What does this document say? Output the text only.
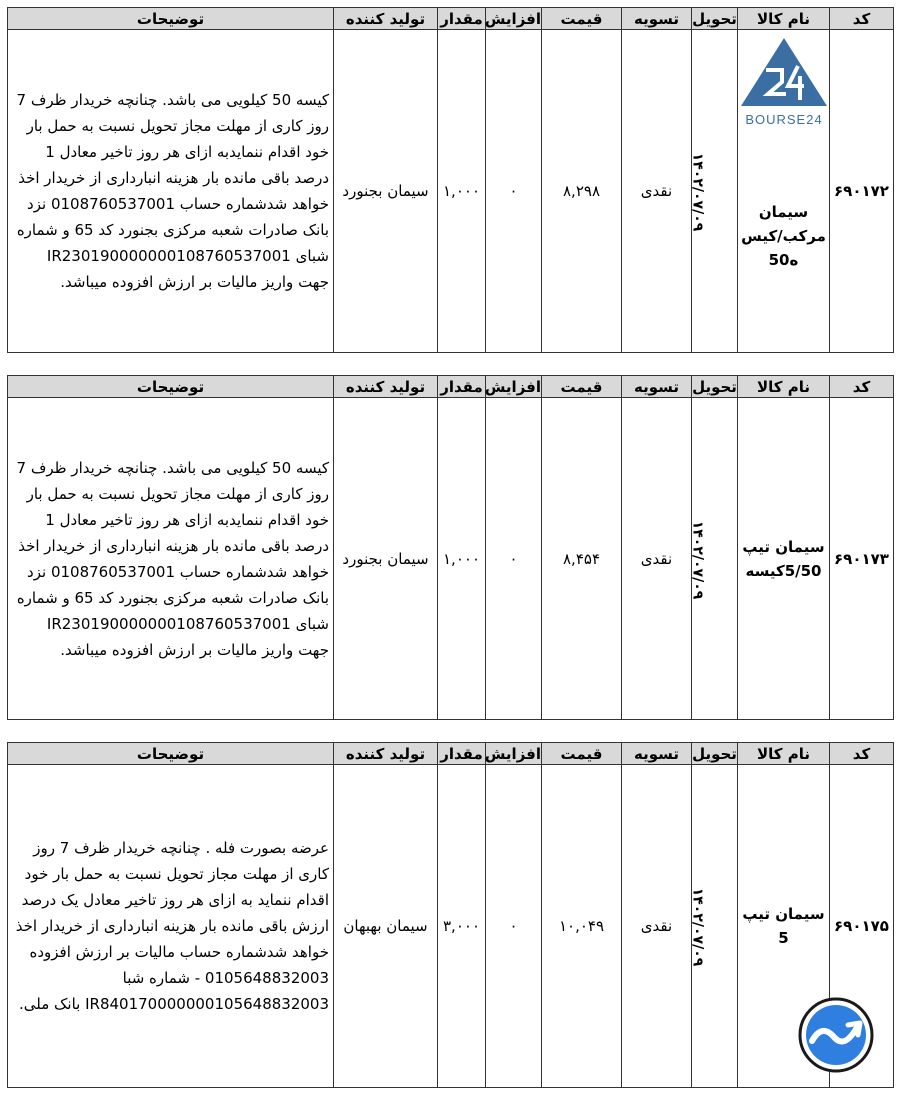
کد	نام کالا	تحویل	تسویه	قیمت	افزایش	مقدار	تولید کننده	توضیحات
۶۹۰۱۷۲	سیمان مرکب/کیس ه50	۱۴۰۲/۰۷/۰۹	نقدی	۸,۲۹۸	۰	۱,۰۰۰	سیمان بجنورد	کیسه 50 کیلویی می باشد. چنانچه خریدار ظرف 7 روز کاری از مهلت مجاز تحویل نسبت به حمل بار خود اقدام ننمایدبه ازای هر روز تاخیر معادل 1 درصد باقی مانده بار هزینه انبارداری از خریدار اخذ خواهد شدشماره حساب 0108760537001 نزد بانک صادرات شعبه مرکزی بجنورد کد 65 و شماره شبای IR230190000000108760537001 جهت واریز مالیات بر ارزش افزوده میباشد.
کد	نام کالا	تحویل	تسویه	قیمت	افزایش	مقدار	تولید کننده	توضیحات
۶۹۰۱۷۳	سیمان تیپ 5/50کیسه	۱۴۰۲/۰۷/۰۹	نقدی	۸,۴۵۴	۰	۱,۰۰۰	سیمان بجنورد	کیسه 50 کیلویی می باشد. چنانچه خریدار ظرف 7 روز کاری از مهلت مجاز تحویل نسبت به حمل بار خود اقدام ننمایدبه ازای هر روز تاخیر معادل 1 درصد باقی مانده بار هزینه انبارداری از خریدار اخذ خواهد شدشماره حساب 0108760537001 نزد بانک صادرات شعبه مرکزی بجنورد کد 65 و شماره شبای IR230190000000108760537001 جهت واریز مالیات بر ارزش افزوده میباشد.
کد	نام کالا	تحویل	تسویه	قیمت	افزایش	مقدار	تولید کننده	توضیحات
۶۹۰۱۷۵	سیمان تیپ 5	۱۴۰۲/۰۷/۰۹	نقدی	۱۰,۰۴۹	۰	۳,۰۰۰	سیمان بهبهان	عرضه بصورت فله . چنانچه خریدار ظرف 7 روز کاری از مهلت مجاز تحویل نسبت به حمل بار خود اقدام ننماید به ازای هر روز تاخیر معادل یک درصد ارزش باقی مانده بار هزینه انبارداری از خریدار اخذ خواهد شدشماره حساب مالیات بر ارزش افزوده 0105648832003 - شماره شبا IR840170000000105648832003 بانک ملی.
BOURSE24
